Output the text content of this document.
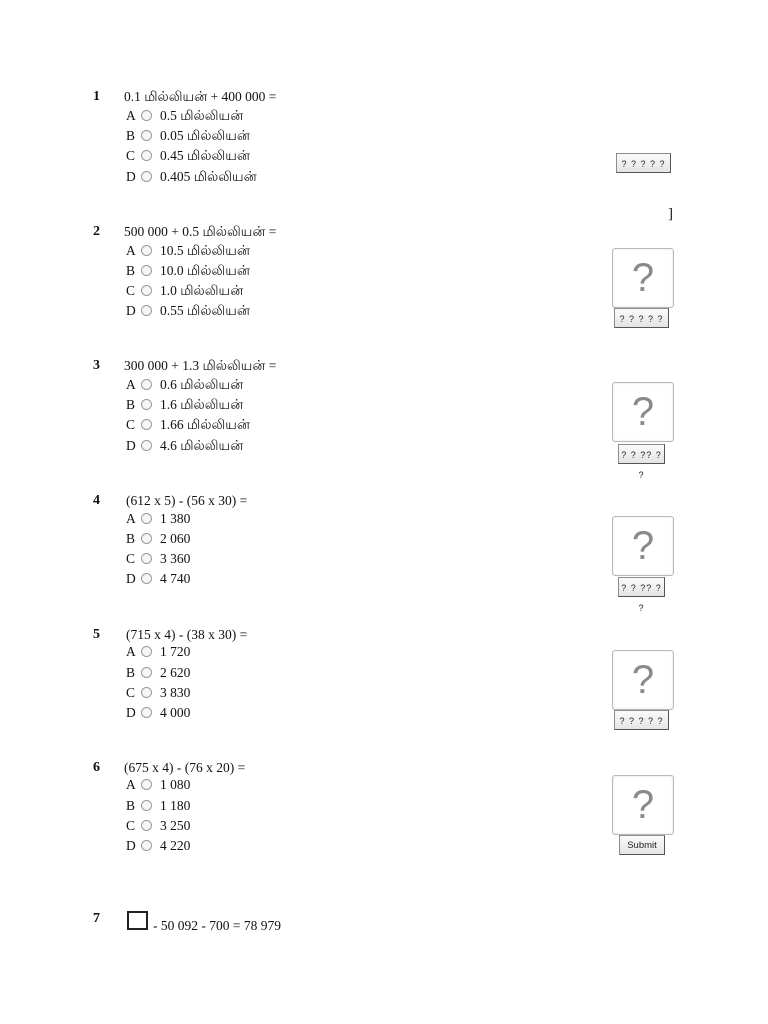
1 0.1 மில்லியன் + 400 000 =
A 0.5 மில்லியன்
B 0.05 மில்லியன்
C 0.45 மில்லியன்
D 0.405 மில்லியன்
? ? ? ? ?
]
2 500 000 + 0.5 மில்லியன் =
A 10.5 மில்லியன்
B 10.0 மில்லியன்
C 1.0 மில்லியன்
D 0.55 மில்லியன்
?
? ? ? ? ?
3 300 000 + 1.3 மில்லியன் =
A 0.6 மில்லியன்
B 1.6 மில்லியன்
C 1.66 மில்லியன்
D 4.6 மில்லியன்
?
? ? ?? ? ?
4 (612 x 5) - (56 x 30) =
A 1 380
B 2 060
C 3 360
D 4 740
?
? ? ?? ? ?
5 (715 x 4) - (38 x 30) =
A 1 720
B 2 620
C 3 830
D 4 000
?
? ? ? ? ?
6 (675 x 4) - (76 x 20) =
A 1 080
B 1 180
C 3 250
D 4 220
?
Submit
7	- 50 092 - 700 = 78 979
